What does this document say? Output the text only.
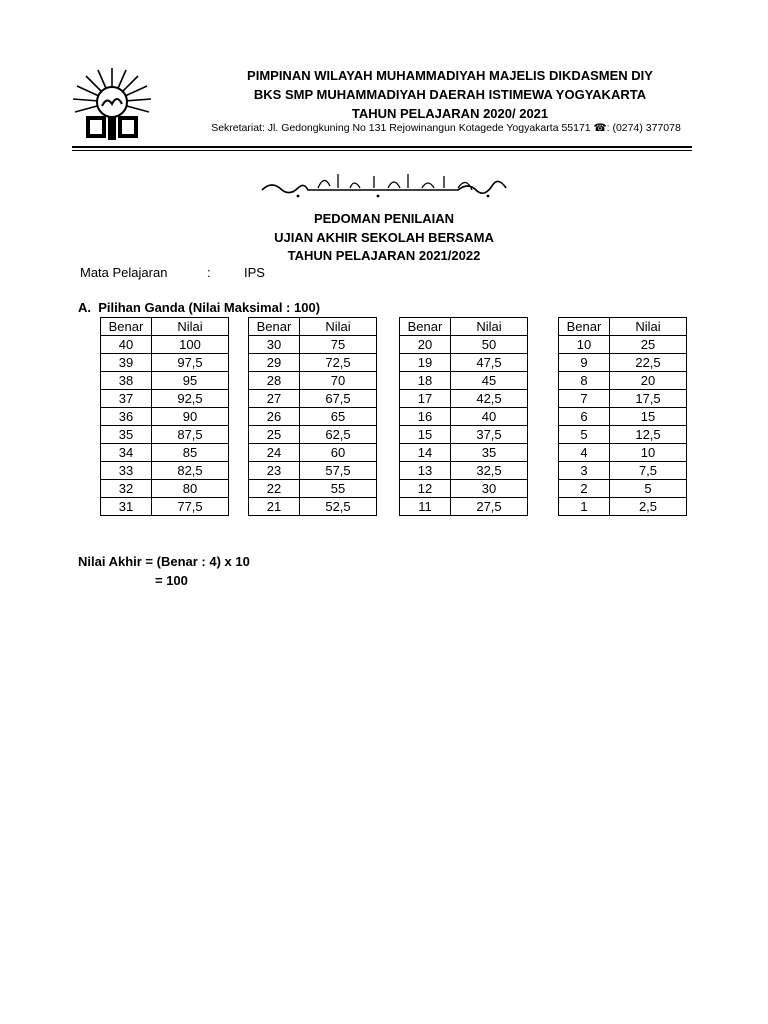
PIMPINAN WILAYAH MUHAMMADIYAH MAJELIS DIKDASMEN DIY
BKS SMP MUHAMMADIYAH DAERAH ISTIMEWA YOGYAKARTA
TAHUN PELAJARAN 2020/ 2021
Sekretariat: Jl. Gedongkuning No 131 Rejowinangun Kotagede Yogyakarta 55171 ☎: (0274) 377078
PEDOMAN PENILAIAN
UJIAN AKHIR SEKOLAH BERSAMA
TAHUN PELAJARAN 2021/2022
Mata Pelajaran	:	IPS
A.  Pilihan Ganda (Nilai Maksimal : 100)
Benar	Nilai
40	100
39	97,5
38	95
37	92,5
36	90
35	87,5
34	85
33	82,5
32	80
31	77,5
Benar	Nilai
30	75
29	72,5
28	70
27	67,5
26	65
25	62,5
24	60
23	57,5
22	55
21	52,5
Benar	Nilai
20	50
19	47,5
18	45
17	42,5
16	40
15	37,5
14	35
13	32,5
12	30
11	27,5
Benar	Nilai
10	25
9	22,5
8	20
7	17,5
6	15
5	12,5
4	10
3	7,5
2	5
1	2,5
Nilai Akhir = (Benar : 4) x 10
= 100
